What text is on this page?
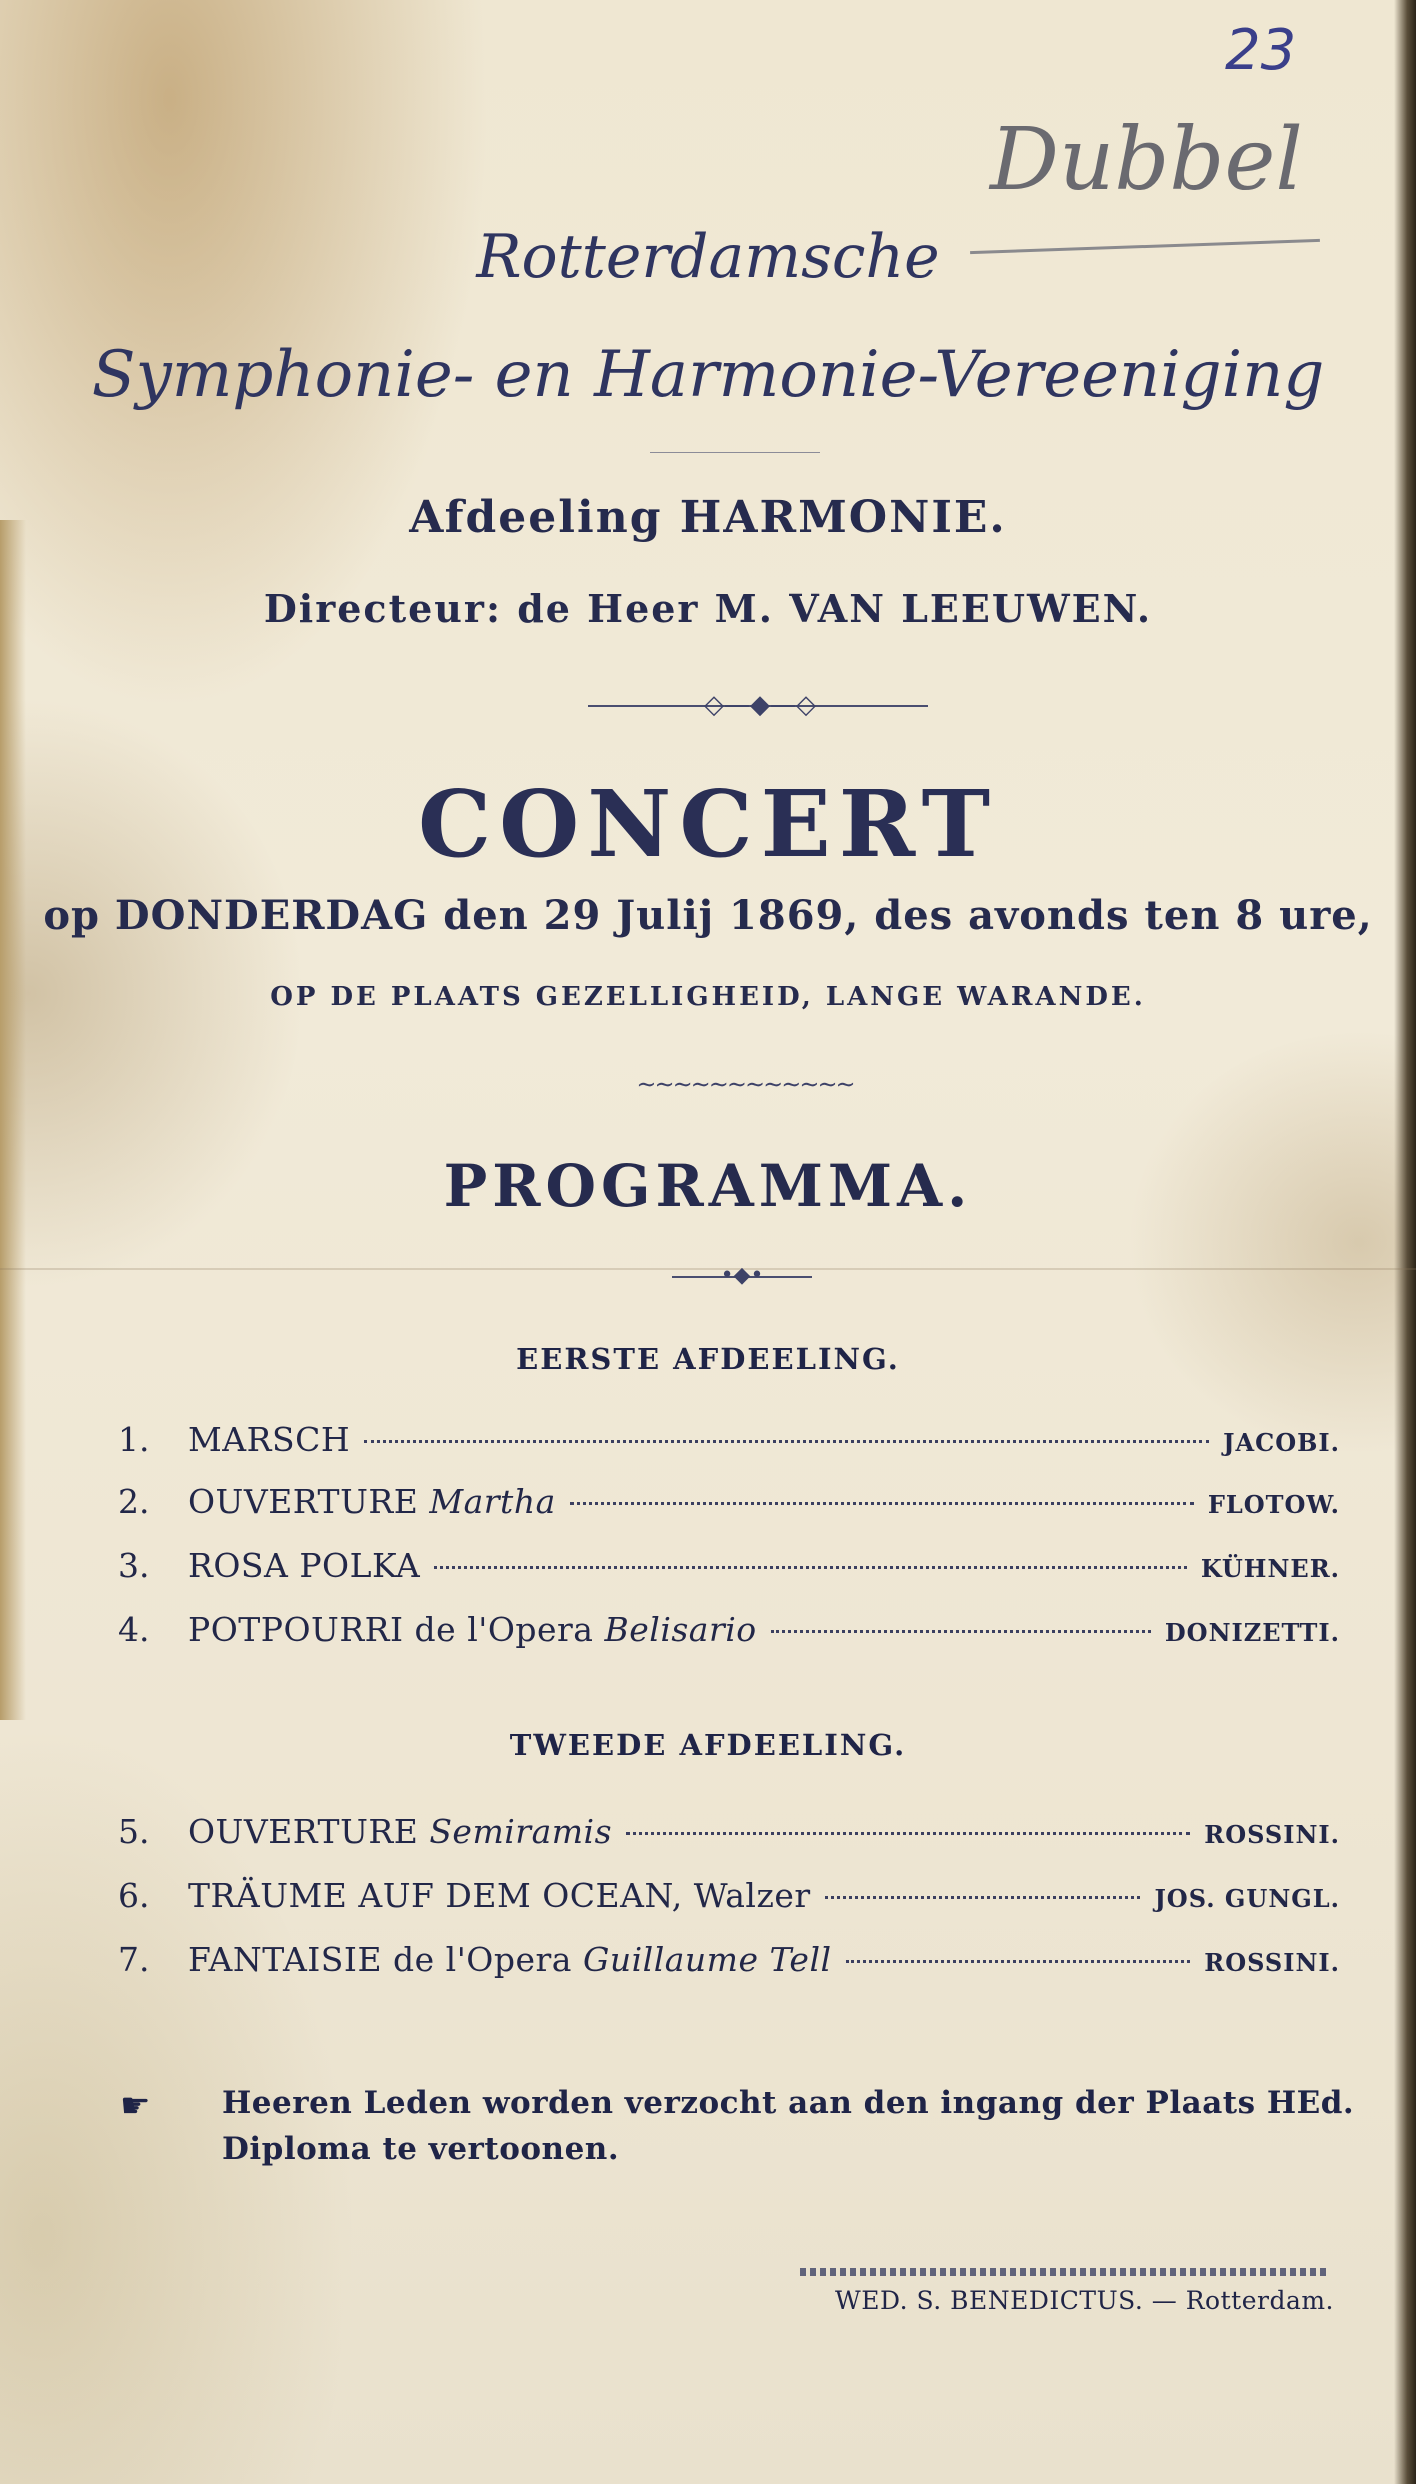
23
Dubbel
Rotterdamsche
Symphonie- en Harmonie-Vereeniging
Afdeeling HARMONIE.
Directeur: de Heer M. VAN LEEUWEN.
◇—◆—◇
CONCERT
op DONDERDAG den 29 Julij 1869, des avonds ten 8 ure,
OP DE PLAATS GEZELLIGHEID, LANGE WARANDE.
∼∼∼∼∼∼∼∼∼∼∼∼
PROGRAMMA.
•◆•
EERSTE AFDEELING.
1.	MARSCH	JACOBI.
2.	OUVERTURE Martha	FLOTOW.
3.	ROSA POLKA	KÜHNER.
4.	POTPOURRI de l'Opera Belisario	DONIZETTI.
TWEEDE AFDEELING.
5.	OUVERTURE Semiramis	ROSSINI.
6.	TRÄUME AUF DEM OCEAN, Walzer	JOS. GUNGL.
7.	FANTAISIE de l'Opera Guillaume Tell	ROSSINI.
☛ Heeren Leden worden verzocht aan den ingang der Plaats HEd.
Diploma te vertoonen.
WED. S. BENEDICTUS. — Rotterdam.
